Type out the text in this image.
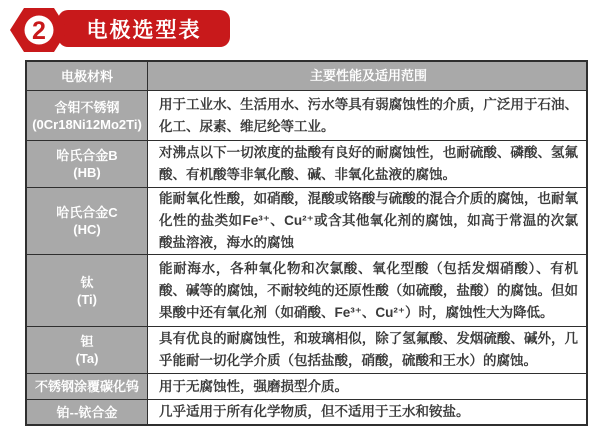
电极选型表
2
电极材料	主要性能及适用范围
含钼不锈钢
(0Cr18Ni12Mo2Ti)
用于工业水、生活用水、污水等具有弱腐蚀性的介质，广泛用于石油、化工、尿素、维尼纶等工业。
哈氏合金B
(HB)
对沸点以下一切浓度的盐酸有良好的耐腐蚀性，也耐硫酸、磷酸、氢氟酸、有机酸等非氧化酸、碱、非氧化盐液的腐蚀。
哈氏合金C
(HC)
能耐氧化性酸，如硝酸，混酸或铬酸与硫酸的混合介质的腐蚀，也耐氧化性的盐类如Fe³⁺、Cu²⁺或含其他氧化剂的腐蚀，如高于常温的次氯酸盐溶液，海水的腐蚀
钛
(Ti)
能耐海水，各种氧化物和次氯酸、氧化型酸（包括发烟硝酸）、有机酸、碱等的腐蚀，不耐较纯的还原性酸（如硫酸，盐酸）的腐蚀。但如果酸中还有氧化剂（如硝酸、Fe³⁺、Cu²⁺）时，腐蚀性大为降低。
钽
(Ta)
具有优良的耐腐蚀性，和玻璃相似，除了氢氟酸、发烟硫酸、碱外，几乎能耐一切化学介质（包括盐酸，硝酸，硫酸和王水）的腐蚀。
不锈钢涂覆碳化钨 用于无腐蚀性，强磨损型介质。
铂--铱合金	几乎适用于所有化学物质，但不适用于王水和铵盐。
